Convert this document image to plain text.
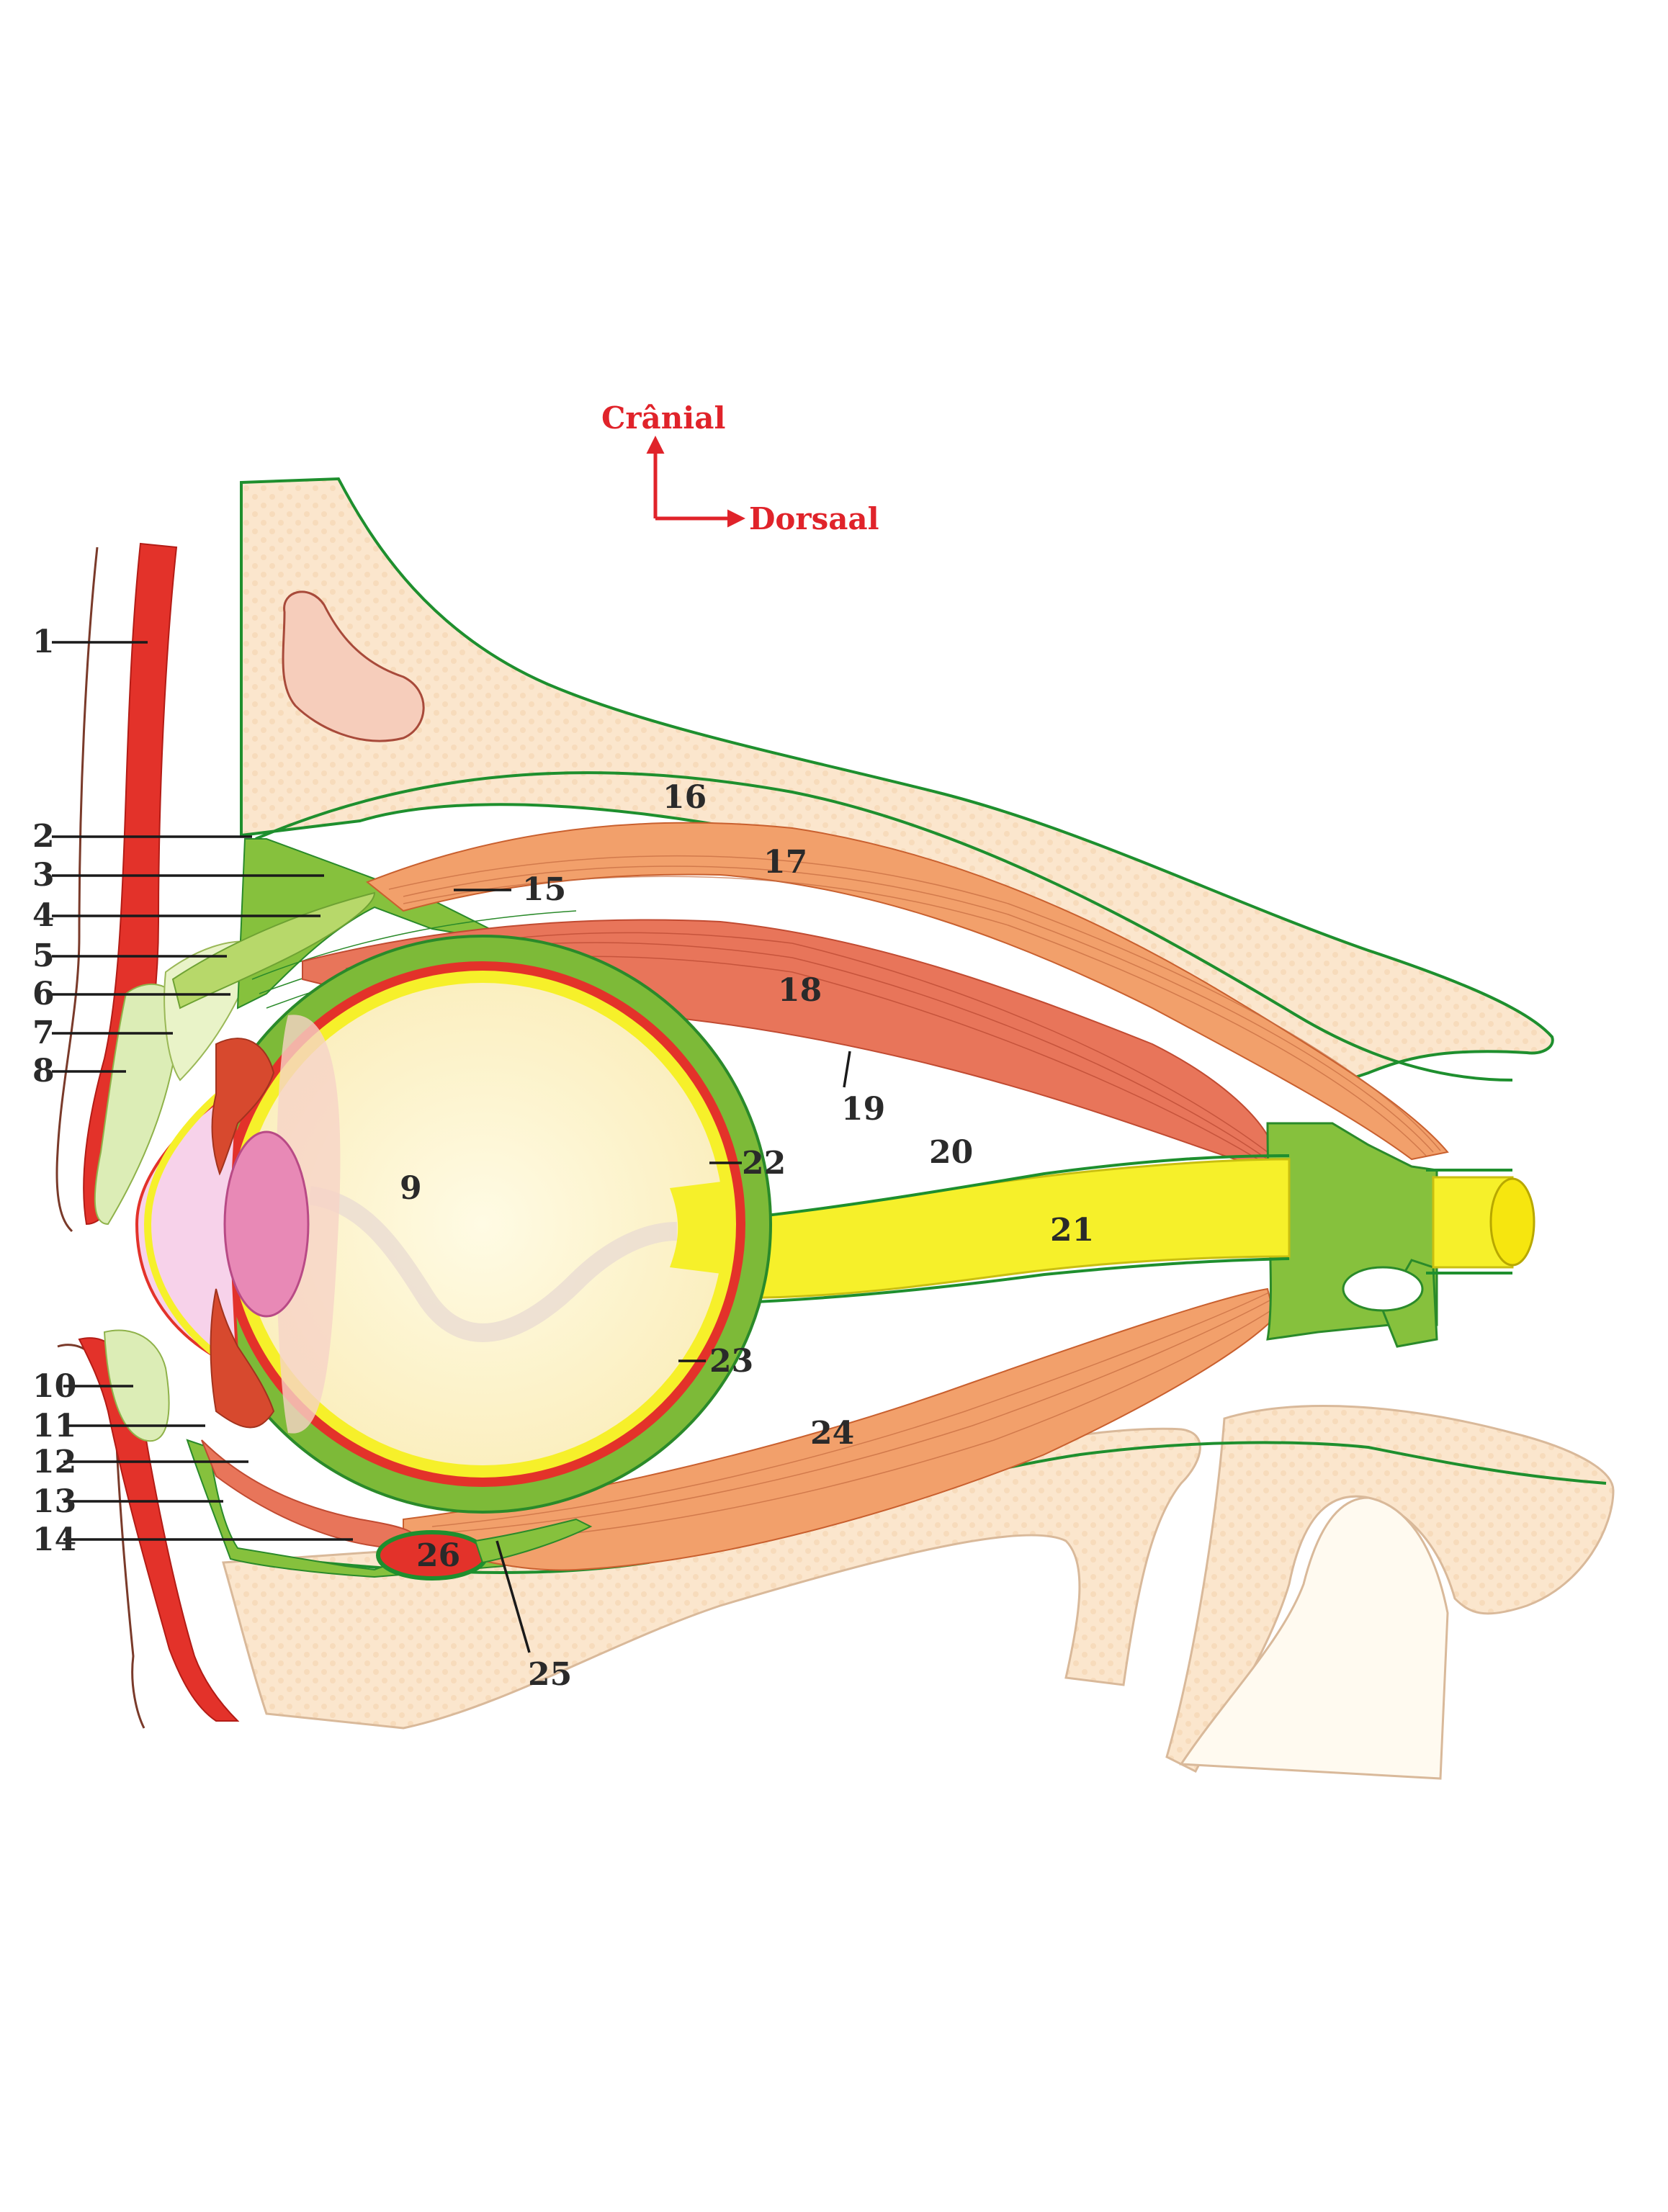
Crânial
Dorsaal
1
2
3
4
5
6
7
8
9
10
11
12
13
14
15
16
17
18
19
20
21
22
23
24
25
26
